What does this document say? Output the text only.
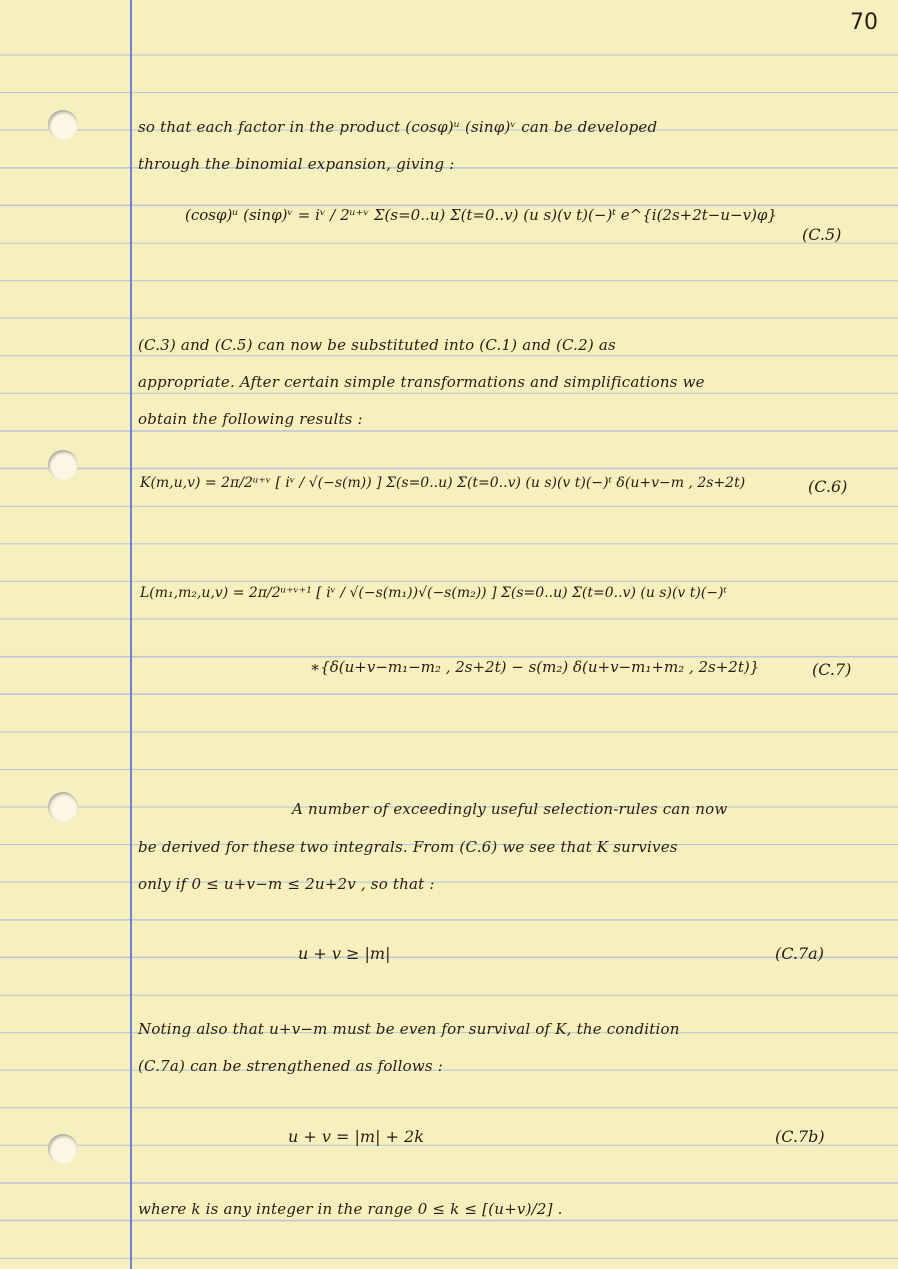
70
so that each factor in the product (cosφ)ᵘ (sinφ)ᵛ can be developed
through the binomial expansion, giving :
(cosφ)ᵘ (sinφ)ᵛ = iᵛ / 2ᵘ⁺ᵛ Σ(s=0..u) Σ(t=0..v) (u s)(v t)(−)ᵗ e^{i(2s+2t−u−v)φ}
(C.5)
(C.3) and (C.5) can now be substituted into (C.1) and (C.2) as
appropriate. After certain simple transformations and simplifications we
obtain the following results :
K(m,u,v) = 2π/2ᵘ⁺ᵛ [ iᵛ / √(−s(m)) ] Σ(s=0..u) Σ(t=0..v) (u s)(v t)(−)ᵗ δ(u+v−m , 2s+2t)	(C.6)
L(m₁,m₂,u,v) = 2π/2ᵘ⁺ᵛ⁺¹ [ iᵛ / √(−s(m₁))√(−s(m₂)) ] Σ(s=0..u) Σ(t=0..v) (u s)(v t)(−)ᵗ
∗{δ(u+v−m₁−m₂ , 2s+2t) − s(m₂) δ(u+v−m₁+m₂ , 2s+2t)}	(C.7)
A number of exceedingly useful selection-rules can now
be derived for these two integrals. From (C.6) we see that K survives
only if 0 ≤ u+v−m ≤ 2u+2v , so that :
u + v ≥ |m|	(C.7a)
Noting also that u+v−m must be even for survival of K, the condition
(C.7a) can be strengthened as follows :
u + v = |m| + 2k	(C.7b)
where k is any integer in the range 0 ≤ k ≤ [(u+v)/2] .
